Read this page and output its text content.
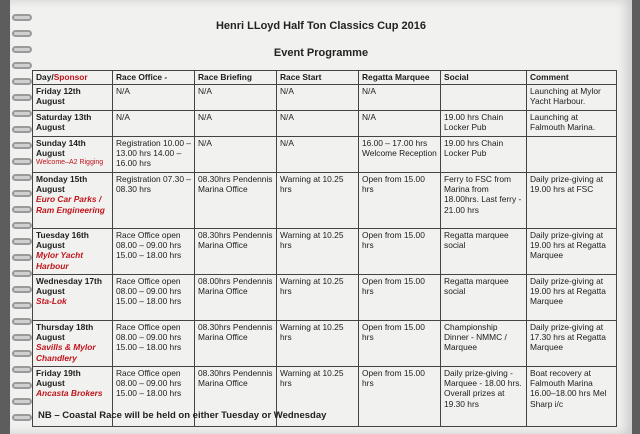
Henri LLoyd Half Ton Classics Cup 2016
Event Programme
Day/Sponsor	Race Office -	Race Briefing	Race Start	Regatta Marquee	Social	Comment

Friday 12th August	N/A	N/A	N/A	N/A		Launching at Mylor Yacht Harbour.

Saturday 13th August	N/A	N/A	N/A	N/A	19.00 hrs Chain Locker Pub	Launching at Falmouth Marina.

Sunday 14th August
Welcome–A2 Rigging	Registration 10.00 – 13.00 hrs 14.00 – 16.00 hrs	N/A	N/A	16.00 – 17.00 hrs Welcome Reception	19.00 hrs Chain Locker Pub	

Monday 15th August
Euro Car Parks / Ram Engineering	Registration 07.30 – 08.30 hrs	08.30hrs Pendennis Marina Office	Warning at 10.25 hrs	Open from 15.00 hrs	Ferry to FSC from Marina from 18.00hrs. Last ferry - 21.00 hrs	Daily prize-giving at 19.00 hrs at FSC

Tuesday 16th August
Mylor Yacht Harbour	Race Office open 08.00 – 09.00 hrs 15.00 – 18.00 hrs	08.30hrs Pendennis Marina Office	Warning at 10.25 hrs	Open from 15.00 hrs	Regatta marquee social	Daily prize-giving at 19.00 hrs at Regatta Marquee

Wednesday 17th August
Sta-Lok	Race Office open 08.00 – 09.00 hrs 15.00 – 18.00 hrs	08.00hrs Pendennis Marina Office	Warning at 10.25 hrs	Open from 15.00 hrs	Regatta marquee social	Daily prize-giving at 19.00 hrs at Regatta Marquee

Thursday 18th August
Savills & Mylor Chandlery	Race Office open 08.00 – 09.00 hrs 15.00 – 18.00 hrs	08.30hrs Pendennis Marina Office	Warning at 10.25 hrs	Open from 15.00 hrs	Championship Dinner - NMMC / Marquee	Daily prize-giving at 17.30 hrs at Regatta Marquee

Friday 19th August
Ancasta Brokers	Race Office open 08.00 – 09.00 hrs 15.00 – 18.00 hrs	08.30hrs Pendennis Marina Office	Warning at 10.25 hrs	Open from 15.00 hrs	Daily prize-giving - Marquee - 18.00 hrs. Overall prizes at 19.30 hrs	Boat recovery at Falmouth Marina 16.00–18.00 hrs Mel Sharp i/c
NB – Coastal Race will be held on either Tuesday or Wednesday
